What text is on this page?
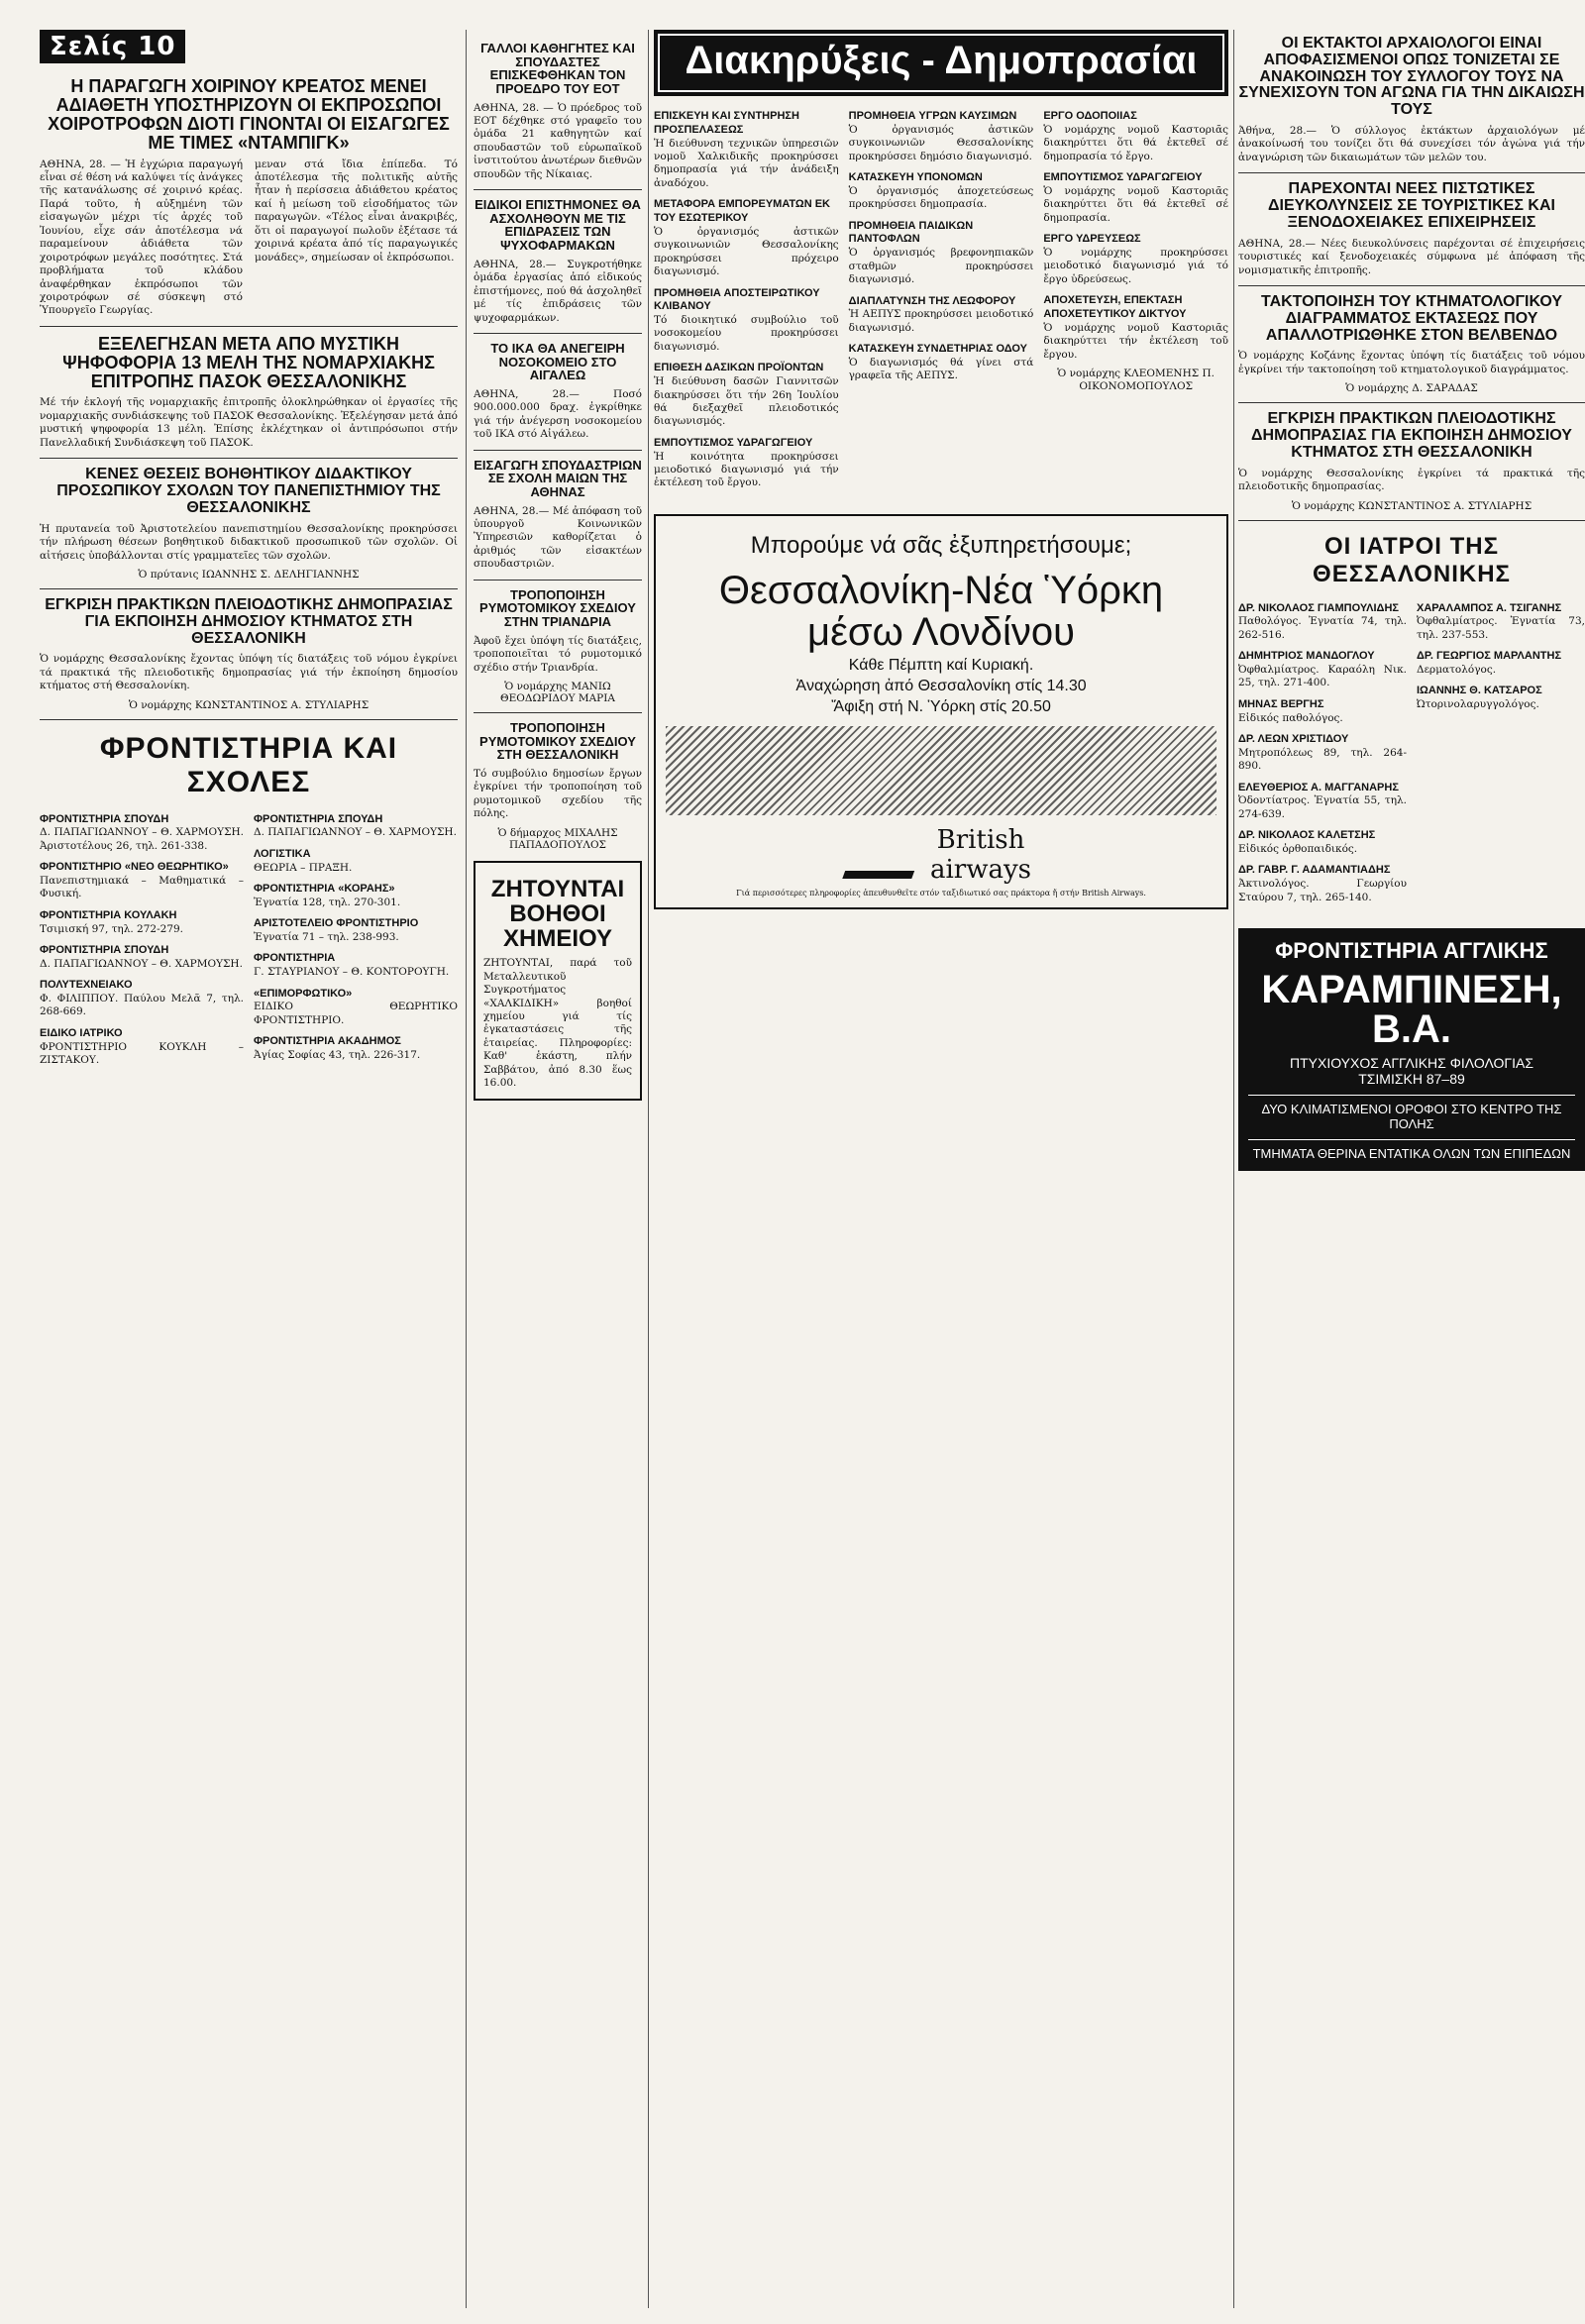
Σελίς 10
Η ΠΑΡΑΓΩΓΗ ΧΟΙΡΙΝΟΥ ΚΡΕΑΤΟΣ ΜΕΝΕΙ ΑΔΙΑΘΕΤΗ ΥΠΟΣΤΗΡΙΖΟΥΝ ΟΙ ΕΚΠΡΟΣΩΠΟΙ ΧΟΙΡΟΤΡΟΦΩΝ ΔΙΟΤΙ ΓΙΝΟΝΤΑΙ ΟΙ ΕΙΣΑΓΩΓΕΣ ΜΕ ΤΙΜΕΣ «ΝΤΑΜΠΙΓΚ»
ΑΘΗΝΑ, 28. — Ἡ ἐγχώρια παραγωγή εἶναι σέ θέση νά καλύψει τίς ἀνάγκες τῆς κατανάλωσης σέ χοιρινό κρέας. Παρά τοῦτο, ἡ αὐξημένη τῶν εἰσαγωγῶν μέχρι τίς ἀρχές τοῦ Ἰουνίου, εἶχε σάν ἀποτέλεσμα νά παραμείνουν ἀδιάθετα τῶν χοιροτρόφων μεγάλες ποσότητες. Στά προβλήματα τοῦ κλάδου ἀναφέρθηκαν ἐκπρόσωποι τῶν χοιροτρόφων σέ σύσκεψη στό Ὑπουργεῖο Γεωργίας.
μεναν στά ἴδια ἐπίπεδα. Τό ἀποτέλεσμα τῆς πολιτικῆς αὐτῆς ἦταν ἡ περίσσεια ἀδιάθετου κρέατος καί ἡ μείωση τοῦ εἰσοδήματος τῶν παραγωγῶν. «Τέλος εἶναι ἀνακριβές, ὅτι οἱ παραγωγοί πωλοῦν ἐξέτασε τά χοιρινά κρέατα ἀπό τίς παραγωγικές μονάδες», σημείωσαν οἱ ἐκπρόσωποι.
ΕΞΕΛΕΓΗΣΑΝ ΜΕΤΑ ΑΠΟ ΜΥΣΤΙΚΗ ΨΗΦΟΦΟΡΙΑ 13 ΜΕΛΗ ΤΗΣ ΝΟΜΑΡΧΙΑΚΗΣ ΕΠΙΤΡΟΠΗΣ ΠΑΣΟΚ ΘΕΣΣΑΛΟΝΙΚΗΣ
Μέ τήν ἐκλογή τῆς νομαρχιακῆς ἐπιτροπῆς ὁλοκληρώθηκαν οἱ ἐργασίες τῆς νομαρχιακῆς συνδιάσκεψης τοῦ ΠΑΣΟΚ Θεσσαλονίκης. Ἐξελέγησαν μετά ἀπό μυστική ψηφοφορία 13 μέλη. Ἐπίσης ἐκλέχτηκαν οἱ ἀντιπρόσωποι στήν Πανελλαδική Συνδιάσκεψη τοῦ ΠΑΣΟΚ.
ΚΕΝΕΣ ΘΕΣΕΙΣ ΒΟΗΘΗΤΙΚΟΥ ΔΙΔΑΚΤΙΚΟΥ ΠΡΟΣΩΠΙΚΟΥ ΣΧΟΛΩΝ ΤΟΥ ΠΑΝΕΠΙΣΤΗΜΙΟΥ ΤΗΣ ΘΕΣΣΑΛΟΝΙΚΗΣ
Ἡ πρυτανεία τοῦ Ἀριστοτελείου πανεπιστημίου Θεσσαλονίκης προκηρύσσει τήν πλήρωση θέσεων βοηθητικοῦ διδακτικοῦ προσωπικοῦ τῶν σχολῶν. Οἱ αἰτήσεις ὑποβάλλονται στίς γραμματεῖες τῶν σχολῶν.
Ὁ πρύτανις ΙΩΑΝΝΗΣ Σ. ΔΕΛΗΓΙΑΝΝΗΣ
ΕΓΚΡΙΣΗ ΠΡΑΚΤΙΚΩΝ ΠΛΕΙΟΔΟΤΙΚΗΣ ΔΗΜΟΠΡΑΣΙΑΣ ΓΙΑ ΕΚΠΟΙΗΣΗ ΔΗΜΟΣΙΟΥ ΚΤΗΜΑΤΟΣ ΣΤΗ ΘΕΣΣΑΛΟΝΙΚΗ
Ὁ νομάρχης Θεσσαλονίκης ἔχοντας ὑπόψη τίς διατάξεις τοῦ νόμου ἐγκρίνει τά πρακτικά τῆς πλειοδοτικῆς δημοπρασίας γιά τήν ἐκποίηση δημοσίου κτήματος στή Θεσσαλονίκη.
Ὁ νομάρχης ΚΩΝΣΤΑΝΤΙΝΟΣ Α. ΣΤΥΛΙΑΡΗΣ
ΦΡΟΝΤΙΣΤΗΡΙΑ ΚΑΙ ΣΧΟΛΕΣ
ΦΡΟΝΤΙΣΤΗΡΙΑ ΣΠΟΥΔΗ
Δ. ΠΑΠΑΓΙΩΑΝΝΟΥ – Θ. ΧΑΡΜΟΥΣΗ. Ἀριστοτέλους 26, τηλ. 261-338.
ΦΡΟΝΤΙΣΤΗΡΙΟ «ΝΕΟ ΘΕΩΡΗΤΙΚΟ»
Πανεπιστημιακά – Μαθηματικά – Φυσική.
ΦΡΟΝΤΙΣΤΗΡΙΑ ΚΟΥΛΑΚΗ
Τσιμισκή 97, τηλ. 272-279.
ΦΡΟΝΤΙΣΤΗΡΙΑ ΣΠΟΥΔΗ
Δ. ΠΑΠΑΓΙΩΑΝΝΟΥ – Θ. ΧΑΡΜΟΥΣΗ.
ΠΟΛΥΤΕΧΝΕΙΑΚΟ
Φ. ΦΙΛΙΠΠΟΥ. Παύλου Μελᾶ 7, τηλ. 268-669.
ΕΙΔΙΚΟ ΙΑΤΡΙΚΟ
ΦΡΟΝΤΙΣΤΗΡΙΟ ΚΟΥΚΛΗ – ΖΙΣΤΑΚΟΥ.
ΦΡΟΝΤΙΣΤΗΡΙΑ ΣΠΟΥΔΗ
Δ. ΠΑΠΑΓΙΩΑΝΝΟΥ – Θ. ΧΑΡΜΟΥΣΗ.
ΛΟΓΙΣΤΙΚΑ
ΘΕΩΡΙΑ – ΠΡΑΞΗ.
ΦΡΟΝΤΙΣΤΗΡΙΑ «ΚΟΡΑΗΣ»
Ἐγνατία 128, τηλ. 270-301.
ΑΡΙΣΤΟΤΕΛΕΙΟ ΦΡΟΝΤΙΣΤΗΡΙΟ
Ἐγνατία 71 – τηλ. 238-993.
ΦΡΟΝΤΙΣΤΗΡΙΑ
Γ. ΣΤΑΥΡΙΑΝΟΥ – Θ. ΚΟΝΤΟΡΟΥΓΗ.
«ΕΠΙΜΟΡΦΩΤΙΚΟ»
ΕΙΔΙΚΟ ΘΕΩΡΗΤΙΚΟ ΦΡΟΝΤΙΣΤΗΡΙΟ.
ΦΡΟΝΤΙΣΤΗΡΙΑ ΑΚΑΔΗΜΟΣ
Ἀγίας Σοφίας 43, τηλ. 226-317.
ΓΑΛΛΟΙ ΚΑΘΗΓΗΤΕΣ ΚΑΙ ΣΠΟΥΔΑΣΤΕΣ ΕΠΙΣΚΕΦΘΗΚΑΝ ΤΟΝ ΠΡΟΕΔΡΟ ΤΟΥ ΕΟΤ
ΑΘΗΝΑ, 28. — Ὁ πρόεδρος τοῦ ΕΟΤ δέχθηκε στό γραφεῖο του ὁμάδα 21 καθηγητῶν καί σπουδαστῶν τοῦ εὐρωπαϊκοῦ ἰνστιτούτου ἀνωτέρων διεθνῶν σπουδῶν τῆς Νίκαιας.
ΕΙΔΙΚΟΙ ΕΠΙΣΤΗΜΟΝΕΣ ΘΑ ΑΣΧΟΛΗΘΟΥΝ ΜΕ ΤΙΣ ΕΠΙΔΡΑΣΕΙΣ ΤΩΝ ΨΥΧΟΦΑΡΜΑΚΩΝ
ΑΘΗΝΑ, 28.— Συγκροτήθηκε ὁμάδα ἐργασίας ἀπό εἰδικούς ἐπιστήμονες, πού θά ἀσχοληθεῖ μέ τίς ἐπιδράσεις τῶν ψυχοφαρμάκων.
ΤΟ ΙΚΑ ΘΑ ΑΝΕΓΕΙΡΗ ΝΟΣΟΚΟΜΕΙΟ ΣΤΟ ΑΙΓΑΛΕΩ
ΑΘΗΝΑ, 28.— Ποσό 900.000.000 δραχ. ἐγκρίθηκε γιά τήν ἀνέγερση νοσοκομείου τοῦ ΙΚΑ στό Αἰγάλεω.
ΕΙΣΑΓΩΓΗ ΣΠΟΥΔΑΣΤΡΙΩΝ ΣΕ ΣΧΟΛΗ ΜΑΙΩΝ ΤΗΣ ΑΘΗΝΑΣ
ΑΘΗΝΑ, 28.— Μέ ἀπόφαση τοῦ ὑπουργοῦ Κοινωνικῶν Ὑπηρεσιῶν καθορίζεται ὁ ἀριθμός τῶν εἰσακτέων σπουδαστριῶν.
ΤΡΟΠΟΠΟΙΗΣΗ ΡΥΜΟΤΟΜΙΚΟΥ ΣΧΕΔΙΟΥ ΣΤΗΝ ΤΡΙΑΝΔΡΙΑ
Ἀφοῦ ἔχει ὑπόψη τίς διατάξεις, τροποποιεῖται τό ρυμοτομικό σχέδιο στήν Τριανδρία.
Ὁ νομάρχης ΜΑΝΙΩ ΘΕΟΔΩΡΙΔΟΥ ΜΑΡΙΑ
ΤΡΟΠΟΠΟΙΗΣΗ ΡΥΜΟΤΟΜΙΚΟΥ ΣΧΕΔΙΟΥ ΣΤΗ ΘΕΣΣΑΛΟΝΙΚΗ
Τό συμβούλιο δημοσίων ἔργων ἐγκρίνει τήν τροποποίηση τοῦ ρυμοτομικοῦ σχεδίου τῆς πόλης.
Ὁ δήμαρχος ΜΙΧΑΛΗΣ ΠΑΠΑΔΟΠΟΥΛΟΣ
ΖΗΤΟΥΝΤΑΙ ΒΟΗΘΟΙ ΧΗΜΕΙΟΥ
ΖΗΤΟΥΝΤΑΙ, παρά τοῦ Μεταλλευτικοῦ Συγκροτήματος «ΧΑΛΚΙΔΙΚΗ» βοηθοί χημείου γιά τίς ἐγκαταστάσεις τῆς ἑταιρείας. Πληροφορίες: Καθ' ἑκάστη, πλήν Σαββάτου, ἀπό 8.30 ἕως 16.00.
Διακηρύξεις - Δημοπρασίαι
ΕΠΙΣΚΕΥΗ ΚΑΙ ΣΥΝΤΗΡΗΣΗ ΠΡΟΣΠΕΛΑΣΕΩΣ
Ἡ διεύθυνση τεχνικῶν ὑπηρεσιῶν νομοῦ Χαλκιδικῆς προκηρύσσει δημοπρασία γιά τήν ἀνάδειξη ἀναδόχου.
ΜΕΤΑΦΟΡΑ ΕΜΠΟΡΕΥΜΑΤΩΝ ΕΚ ΤΟΥ ΕΣΩΤΕΡΙΚΟΥ
Ὁ ὀργανισμός ἀστικῶν συγκοινωνιῶν Θεσσαλονίκης προκηρύσσει πρόχειρο διαγωνισμό.
ΠΡΟΜΗΘΕΙΑ ΑΠΟΣΤΕΙΡΩΤΙΚΟΥ ΚΛΙΒΑΝΟΥ
Τό διοικητικό συμβούλιο τοῦ νοσοκομείου προκηρύσσει διαγωνισμό.
ΕΠΙΘΕΣΗ ΔΑΣΙΚΩΝ ΠΡΟΪΟΝΤΩΝ
Ἡ διεύθυνση δασῶν Γιαννιτσῶν διακηρύσσει ὅτι τήν 26η Ἰουλίου θά διεξαχθεῖ πλειοδοτικός διαγωνισμός.
ΕΜΠΟΥΤΙΣΜΟΣ ΥΔΡΑΓΩΓΕΙΟΥ
Ἡ κοινότητα προκηρύσσει μειοδοτικό διαγωνισμό γιά τήν ἐκτέλεση τοῦ ἔργου.
ΠΡΟΜΗΘΕΙΑ ΥΓΡΩΝ ΚΑΥΣΙΜΩΝ
Ὁ ὀργανισμός ἀστικῶν συγκοινωνιῶν Θεσσαλονίκης προκηρύσσει δημόσιο διαγωνισμό.
ΚΑΤΑΣΚΕΥΗ ΥΠΟΝΟΜΩΝ
Ὁ ὀργανισμός ἀποχετεύσεως προκηρύσσει δημοπρασία.
ΠΡΟΜΗΘΕΙΑ ΠΑΙΔΙΚΩΝ ΠΑΝΤΟΦΛΩΝ
Ὁ ὀργανισμός βρεφονηπιακῶν σταθμῶν προκηρύσσει διαγωνισμό.
ΔΙΑΠΛΑΤΥΝΣΗ ΤΗΣ ΛΕΩΦΟΡΟΥ
Ἡ ΑΕΠΥΣ προκηρύσσει μειοδοτικό διαγωνισμό.
ΚΑΤΑΣΚΕΥΗ ΣΥΝΔΕΤΗΡΙΑΣ ΟΔΟΥ
Ὁ διαγωνισμός θά γίνει στά γραφεῖα τῆς ΑΕΠΥΣ.
ΕΡΓΟ ΟΔΟΠΟΙΙΑΣ
Ὁ νομάρχης νομοῦ Καστοριᾶς διακηρύττει ὅτι θά ἐκτεθεῖ σέ δημοπρασία τό ἔργο.
ΕΜΠΟΥΤΙΣΜΟΣ ΥΔΡΑΓΩΓΕΙΟΥ
Ὁ νομάρχης νομοῦ Καστοριᾶς διακηρύττει ὅτι θά ἐκτεθεῖ σέ δημοπρασία.
ΕΡΓΟ ΥΔΡΕΥΣΕΩΣ
Ὁ νομάρχης προκηρύσσει μειοδοτικό διαγωνισμό γιά τό ἔργο ὑδρεύσεως.
ΑΠΟΧΕΤΕΥΣΗ, ΕΠΕΚΤΑΣΗ ΑΠΟΧΕΤΕΥΤΙΚΟΥ ΔΙΚΤΥΟΥ
Ὁ νομάρχης νομοῦ Καστοριᾶς διακηρύττει τήν ἐκτέλεση τοῦ ἔργου.
Ὁ νομάρχης ΚΛΕΟΜΕΝΗΣ Π. ΟΙΚΟΝΟΜΟΠΟΥΛΟΣ
Μπορούμε νά σᾶς ἐξυπηρετήσουμε;
Θεσσαλονίκη-Νέα Ὑόρκη μέσω Λονδίνου
Κάθε Πέμπτη καί Κυριακή.
Ἀναχώρηση ἀπό Θεσσαλονίκη στίς 14.30
Ἄφιξη στή Ν. Ὑόρκη στίς 20.50
British
airways
Γιά περισσότερες πληροφορίες ἀπευθυνθεῖτε στόν ταξιδιωτικό σας πράκτορα ἤ στήν British Airways.
ΟΙ ΕΚΤΑΚΤΟΙ ΑΡΧΑΙΟΛΟΓΟΙ ΕΙΝΑΙ ΑΠΟΦΑΣΙΣΜΕΝΟΙ ΟΠΩΣ ΤΟΝΙΖΕΤΑΙ ΣΕ ΑΝΑΚΟΙΝΩΣΗ ΤΟΥ ΣΥΛΛΟΓΟΥ ΤΟΥΣ ΝΑ ΣΥΝΕΧΙΣΟΥΝ ΤΟΝ ΑΓΩΝΑ ΓΙΑ ΤΗΝ ΔΙΚΑΙΩΣΗ ΤΟΥΣ
Ἀθήνα, 28.— Ὁ σύλλογος ἐκτάκτων ἀρχαιολόγων μέ ἀνακοίνωσή του τονίζει ὅτι θά συνεχίσει τόν ἀγώνα γιά τήν ἀναγνώριση τῶν δικαιωμάτων τῶν μελῶν του.
ΠΑΡΕΧΟΝΤΑΙ ΝΕΕΣ ΠΙΣΤΩΤΙΚΕΣ ΔΙΕΥΚΟΛΥΝΣΕΙΣ ΣΕ ΤΟΥΡΙΣΤΙΚΕΣ ΚΑΙ ΞΕΝΟΔΟΧΕΙΑΚΕΣ ΕΠΙΧΕΙΡΗΣΕΙΣ
ΑΘΗΝΑ, 28.— Νέες διευκολύνσεις παρέχονται σέ ἐπιχειρήσεις τουριστικές καί ξενοδοχειακές σύμφωνα μέ ἀπόφαση τῆς νομισματικῆς ἐπιτροπῆς.
ΤΑΚΤΟΠΟΙΗΣΗ ΤΟΥ ΚΤΗΜΑΤΟΛΟΓΙΚΟΥ ΔΙΑΓΡΑΜΜΑΤΟΣ ΕΚΤΑΣΕΩΣ ΠΟΥ ΑΠΑΛΛΟΤΡΙΩΘΗΚΕ ΣΤΟΝ ΒΕΛΒΕΝΔΟ
Ὁ νομάρχης Κοζάνης ἔχοντας ὑπόψη τίς διατάξεις τοῦ νόμου ἐγκρίνει τήν τακτοποίηση τοῦ κτηματολογικοῦ διαγράμματος.
Ὁ νομάρχης Δ. ΣΑΡΑΔΑΣ
ΕΓΚΡΙΣΗ ΠΡΑΚΤΙΚΩΝ ΠΛΕΙΟΔΟΤΙΚΗΣ ΔΗΜΟΠΡΑΣΙΑΣ ΓΙΑ ΕΚΠΟΙΗΣΗ ΔΗΜΟΣΙΟΥ ΚΤΗΜΑΤΟΣ ΣΤΗ ΘΕΣΣΑΛΟΝΙΚΗ
Ὁ νομάρχης Θεσσαλονίκης ἐγκρίνει τά πρακτικά τῆς πλειοδοτικῆς δημοπρασίας.
Ὁ νομάρχης ΚΩΝΣΤΑΝΤΙΝΟΣ Α. ΣΤΥΛΙΑΡΗΣ
ΟΙ ΙΑΤΡΟΙ ΤΗΣ ΘΕΣΣΑΛΟΝΙΚΗΣ
ΔΡ. ΝΙΚΟΛΑΟΣ ΓΙΑΜΠΟΥΛΙΔΗΣ
Παθολόγος. Ἐγνατία 74, τηλ. 262-516.
ΔΗΜΗΤΡΙΟΣ ΜΑΝΔΟΓΛΟΥ
Ὀφθαλμίατρος. Καραόλη Νικ. 25, τηλ. 271-400.
ΜΗΝΑΣ ΒΕΡΓΗΣ
Εἰδικός παθολόγος.
ΔΡ. ΛΕΩΝ ΧΡΙΣΤΙΔΟΥ
Μητροπόλεως 89, τηλ. 264-890.
ΕΛΕΥΘΕΡΙΟΣ Α. ΜΑΓΓΑΝΑΡΗΣ
Ὀδοντίατρος. Ἐγνατία 55, τηλ. 274-639.
ΔΡ. ΝΙΚΟΛΑΟΣ ΚΑΛΕΤΣΗΣ
Εἰδικός ὀρθοπαιδικός.
ΔΡ. ΓΑΒΡ. Γ. ΑΔΑΜΑΝΤΙΑΔΗΣ
Ἀκτινολόγος. Γεωργίου Σταύρου 7, τηλ. 265-140.
ΧΑΡΑΛΑΜΠΟΣ Α. ΤΣΙΓΑΝΗΣ
Ὀφθαλμίατρος. Ἐγνατία 73, τηλ. 237-553.
ΔΡ. ΓΕΩΡΓΙΟΣ ΜΑΡΛΑΝΤΗΣ
Δερματολόγος.
ΙΩΑΝΝΗΣ Θ. ΚΑΤΣΑΡΟΣ
Ὠτορινολαρυγγολόγος.
ΦΡΟΝΤΙΣΤΗΡΙΑ ΑΓΓΛΙΚΗΣ
ΚΑΡΑΜΠΙΝΕΣΗ, Β.Α.
ΠΤΥΧΙΟΥΧΟΣ ΑΓΓΛΙΚΗΣ ΦΙΛΟΛΟΓΙΑΣ
ΤΣΙΜΙΣΚΗ 87–89
ΔΥΟ ΚΛΙΜΑΤΙΣΜΕΝΟΙ ΟΡΟΦΟΙ ΣΤΟ ΚΕΝΤΡΟ ΤΗΣ ΠΟΛΗΣ
ΤΜΗΜΑΤΑ ΘΕΡΙΝΑ ΕΝΤΑΤΙΚΑ ΟΛΩΝ ΤΩΝ ΕΠΙΠΕΔΩΝ
